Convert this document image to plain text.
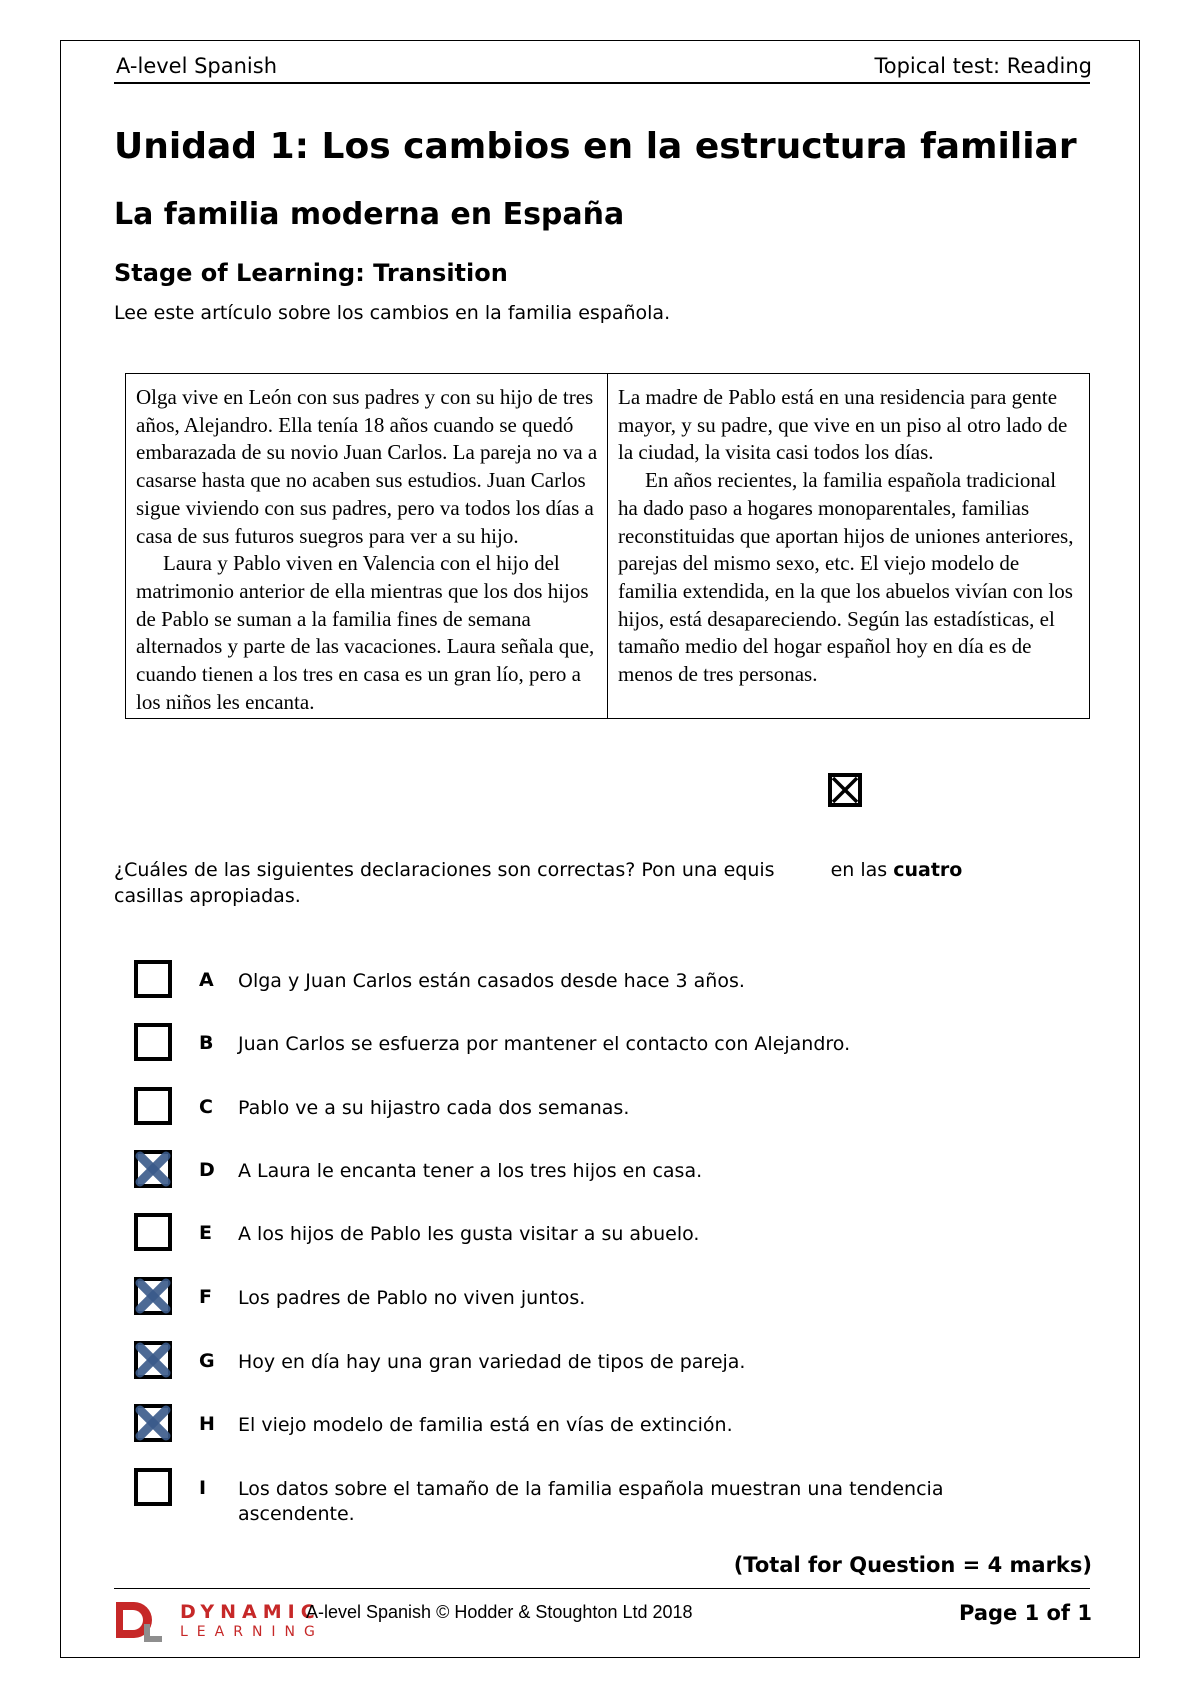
A-level Spanish	Topical test: Reading
Unidad 1: Los cambios en la estructura familiar
La familia moderna en España
Stage of Learning: Transition
Lee este artículo sobre los cambios en la familia española.
Olga vive en León con sus padres y con su hijo de tres años, Alejandro. Ella tenía 18 años cuando se quedó embarazada de su novio Juan Carlos. La pareja no va a casarse hasta que no acaben sus estudios. Juan Carlos sigue viviendo con sus padres, pero va todos los días a casa de sus futuros suegros para ver a su hijo.
Laura y Pablo viven en Valencia con el hijo del matrimonio anterior de ella mientras que los dos hijos de Pablo se suman a la familia fines de semana alternados y parte de las vacaciones. Laura señala que, cuando tienen a los tres en casa es un gran lío, pero a los niños les encanta.
	La madre de Pablo está en una residencia para gente mayor, y su padre, que vive en un piso al otro lado de la ciudad, la visita casi todos los días.
En años recientes, la familia española tradicional ha dado paso a hogares monoparentales, familias reconstituidas que aportan hijos de uniones anteriores, parejas del mismo sexo, etc. El viejo modelo de familia extendida, en la que los abuelos vivían con los hijos, está desapareciendo. Según las estadísticas, el tamaño medio del hogar español hoy en día es de menos de tres personas.
¿Cuáles de las siguientes declaraciones son correctas? Pon una equis	en las cuatro
casillas apropiadas.
A Olga y Juan Carlos están casados desde hace 3 años.
B Juan Carlos se esfuerza por mantener el contacto con Alejandro.
C Pablo ve a su hijastro cada dos semanas.
D A Laura le encanta tener a los tres hijos en casa.
E A los hijos de Pablo les gusta visitar a su abuelo.
F Los padres de Pablo no viven juntos.
G Hoy en día hay una gran variedad de tipos de pareja.
H El viejo modelo de familia está en vías de extinción.
I Los datos sobre el tamaño de la familia española muestran una tendencia ascendente.
(Total for Question = 4 marks)
DYNAMIC
LEARNING
A-level Spanish © Hodder & Stoughton Ltd 2018	Page 1 of 1
